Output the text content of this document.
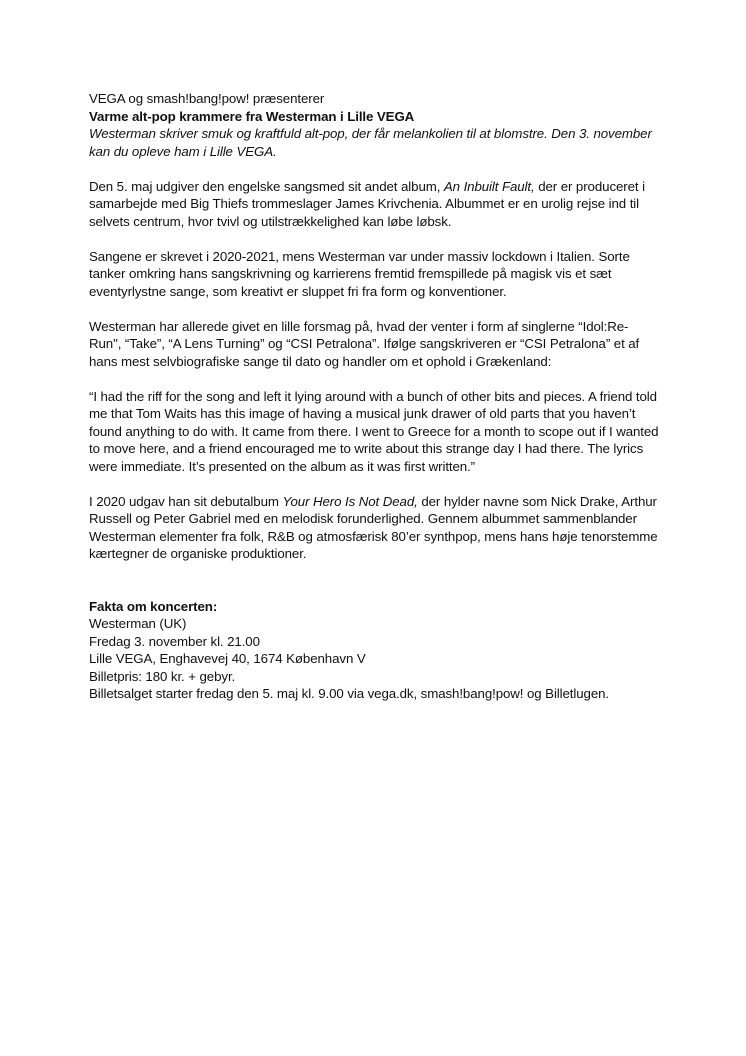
VEGA og smash!bang!pow! præsenterer
Varme alt-pop krammere fra Westerman i Lille VEGA
Westerman skriver smuk og kraftfuld alt-pop, der får melankolien til at blomstre. Den 3. november kan du opleve ham i Lille VEGA.

Den 5. maj udgiver den engelske sangsmed sit andet album, An Inbuilt Fault, der er produceret i samarbejde med Big Thiefs trommeslager James Krivchenia. Albummet er en urolig rejse ind til selvets centrum, hvor tvivl og utilstrækkelighed kan løbe løbsk.

Sangene er skrevet i 2020-2021, mens Westerman var under massiv lockdown i Italien. Sorte tanker omkring hans sangskrivning og karrierens fremtid fremspillede på magisk vis et sæt eventyrlystne sange, som kreativt er sluppet fri fra form og konventioner.

Westerman har allerede givet en lille forsmag på, hvad der venter i form af singlerne “Idol:Re-Run", “Take”, “A Lens Turning” og “CSI Petralona”. Ifølge sangskriveren er “CSI Petralona” et af hans mest selvbiografiske sange til dato og handler om et ophold i Grækenland:

“I had the riff for the song and left it lying around with a bunch of other bits and pieces. A friend told me that Tom Waits has this image of having a musical junk drawer of old parts that you haven’t found anything to do with. It came from there. I went to Greece for a month to scope out if I wanted to move here, and a friend encouraged me to write about this strange day I had there. The lyrics were immediate. It’s presented on the album as it was first written.”

I 2020 udgav han sit debutalbum Your Hero Is Not Dead, der hylder navne som Nick Drake, Arthur Russell og Peter Gabriel med en melodisk forunderlighed. Gennem albummet sammenblander Westerman elementer fra folk, R&B og atmosfærisk 80’er synthpop, mens hans høje tenorstemme kærtegner de organiske produktioner.

Fakta om koncerten:
Westerman (UK)
Fredag 3. november kl. 21.00
Lille VEGA, Enghavevej 40, 1674 København V
Billetpris: 180 kr. + gebyr.
Billetsalget starter fredag den 5. maj kl. 9.00 via vega.dk, smash!bang!pow! og Billetlugen.
